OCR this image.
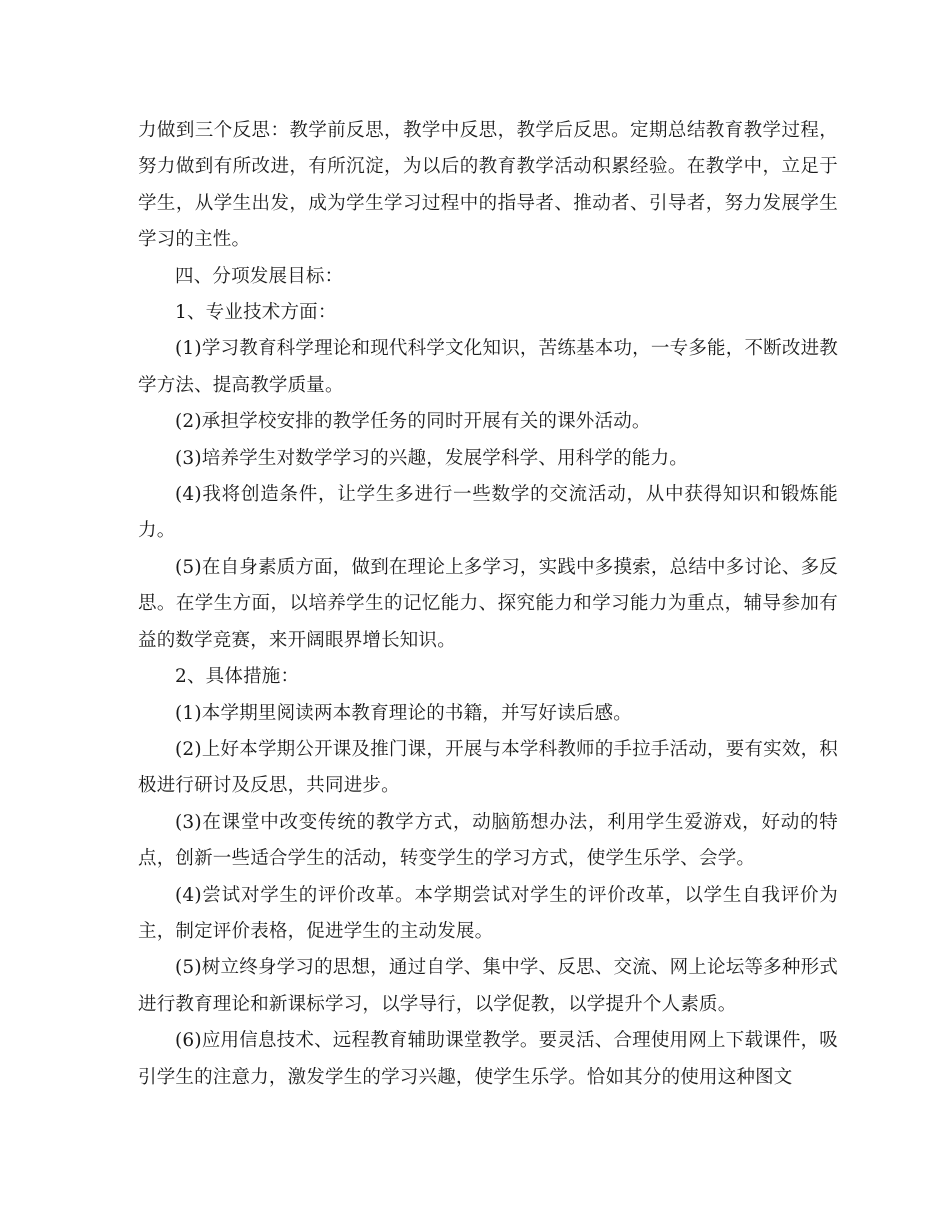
力做到三个反思：教学前反思，教学中反思，教学后反思。定期总结教育教学过程，努力做到有所改进，有所沉淀，为以后的教育教学活动积累经验。在教学中，立足于学生，从学生出发，成为学生学习过程中的指导者、推动者、引导者，努力发展学生学习的主性。

四、分项发展目标：

1、专业技术方面：

(1)学习教育科学理论和现代科学文化知识，苦练基本功，一专多能，不断改进教学方法、提高教学质量。

(2)承担学校安排的教学任务的同时开展有关的课外活动。

(3)培养学生对数学学习的兴趣，发展学科学、用科学的能力。

(4)我将创造条件，让学生多进行一些数学的交流活动，从中获得知识和锻炼能力。

(5)在自身素质方面，做到在理论上多学习，实践中多摸索，总结中多讨论、多反思。在学生方面，以培养学生的记忆能力、探究能力和学习能力为重点，辅导参加有益的数学竞赛，来开阔眼界增长知识。

2、具体措施：

(1)本学期里阅读两本教育理论的书籍，并写好读后感。

(2)上好本学期公开课及推门课，开展与本学科教师的手拉手活动，要有实效，积极进行研讨及反思，共同进步。

(3)在课堂中改变传统的教学方式，动脑筋想办法，利用学生爱游戏，好动的特点，创新一些适合学生的活动，转变学生的学习方式，使学生乐学、会学。

(4)尝试对学生的评价改革。本学期尝试对学生的评价改革，以学生自我评价为主，制定评价表格，促进学生的主动发展。

(5)树立终身学习的思想，通过自学、集中学、反思、交流、网上论坛等多种形式进行教育理论和新课标学习，以学导行，以学促教，以学提升个人素质。

(6)应用信息技术、远程教育辅助课堂教学。要灵活、合理使用网上下载课件，吸引学生的注意力，激发学生的学习兴趣，使学生乐学。恰如其分的使用这种图文
